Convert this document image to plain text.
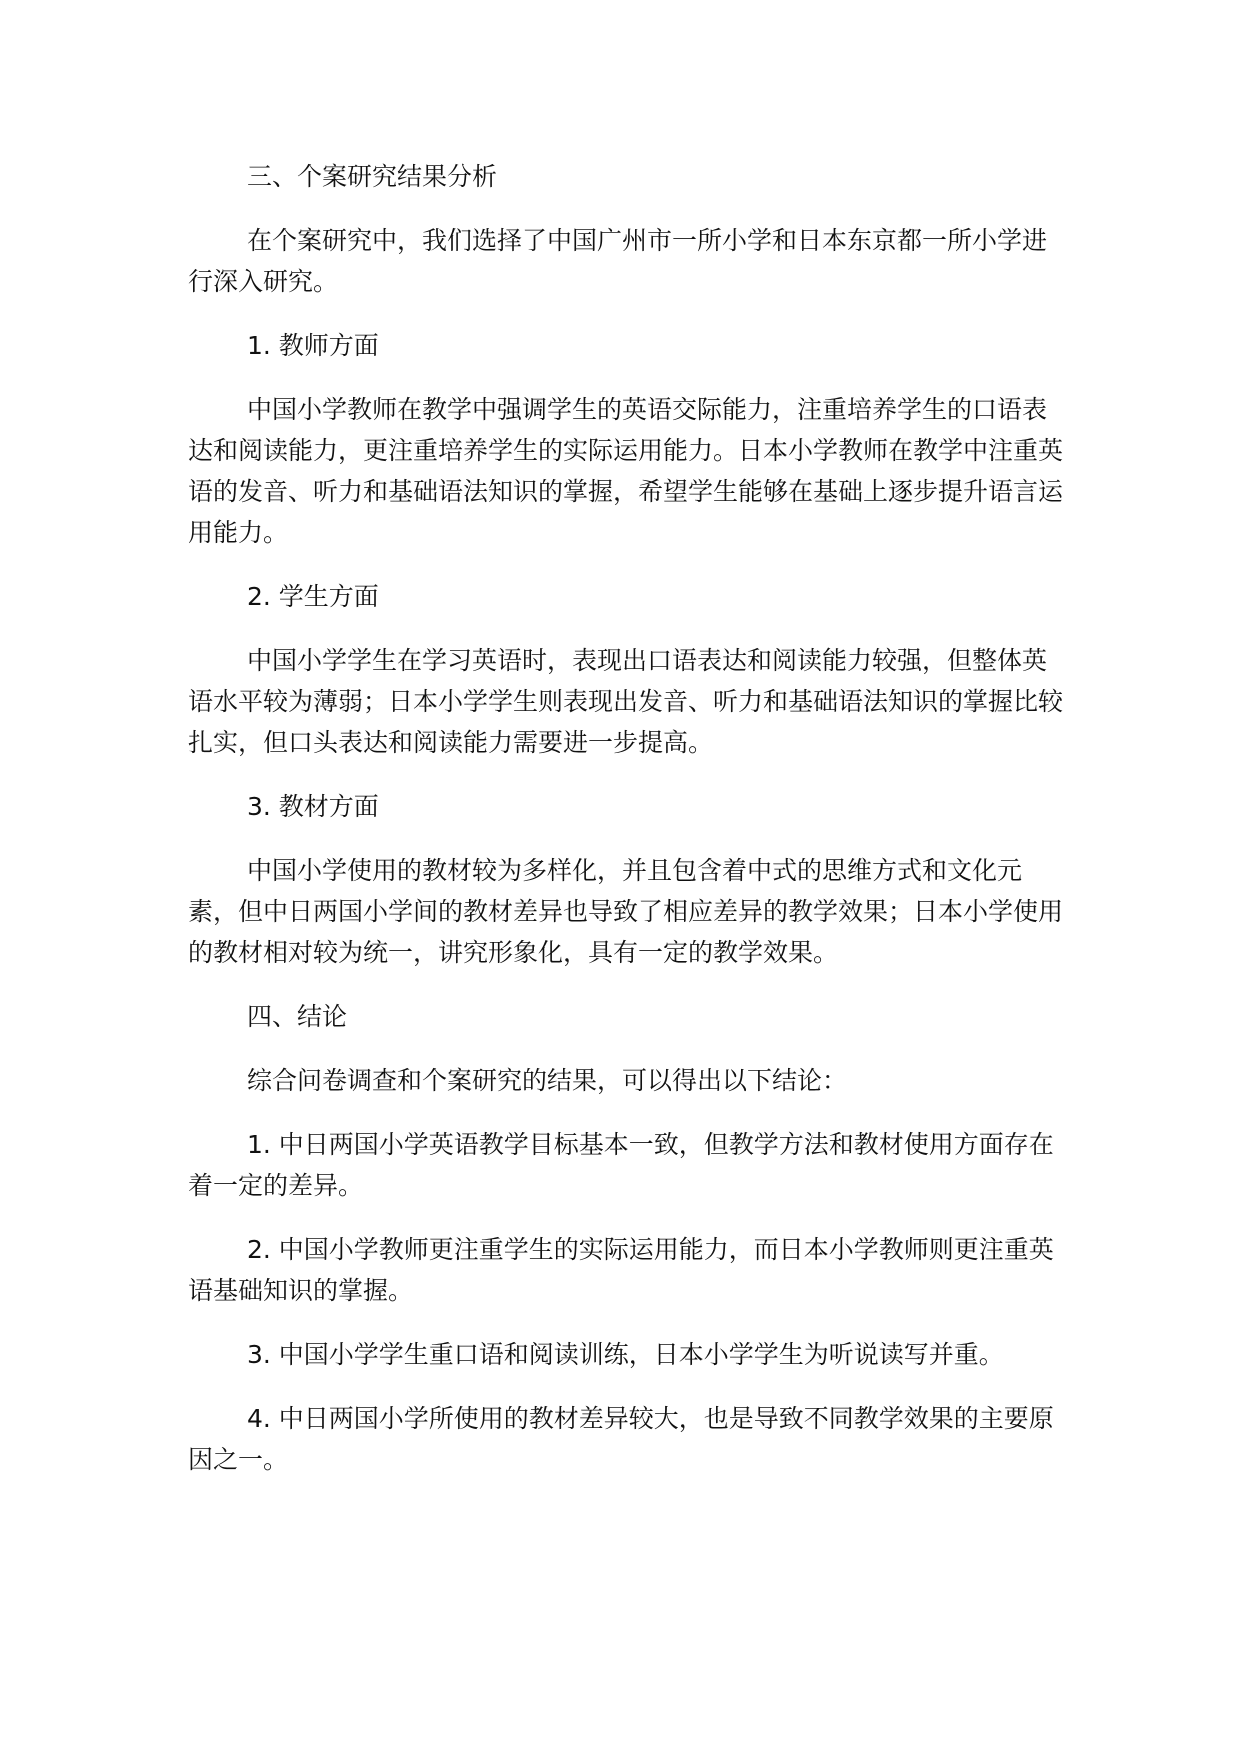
三、个案研究结果分析

在个案研究中，我们选择了中国广州市一所小学和日本东京都一所小学进行深入研究。

1. 教师方面

中国小学教师在教学中强调学生的英语交际能力，注重培养学生的口语表达和阅读能力，更注重培养学生的实际运用能力。日本小学教师在教学中注重英语的发音、听力和基础语法知识的掌握，希望学生能够在基础上逐步提升语言运用能力。

2. 学生方面

中国小学学生在学习英语时，表现出口语表达和阅读能力较强，但整体英语水平较为薄弱；日本小学学生则表现出发音、听力和基础语法知识的掌握比较扎实，但口头表达和阅读能力需要进一步提高。

3. 教材方面

中国小学使用的教材较为多样化，并且包含着中式的思维方式和文化元素，但中日两国小学间的教材差异也导致了相应差异的教学效果；日本小学使用的教材相对较为统一，讲究形象化，具有一定的教学效果。

四、结论

综合问卷调查和个案研究的结果，可以得出以下结论：

1. 中日两国小学英语教学目标基本一致，但教学方法和教材使用方面存在着一定的差异。

2. 中国小学教师更注重学生的实际运用能力，而日本小学教师则更注重英语基础知识的掌握。

3. 中国小学学生重口语和阅读训练，日本小学学生为听说读写并重。

4. 中日两国小学所使用的教材差异较大，也是导致不同教学效果的主要原因之一。
